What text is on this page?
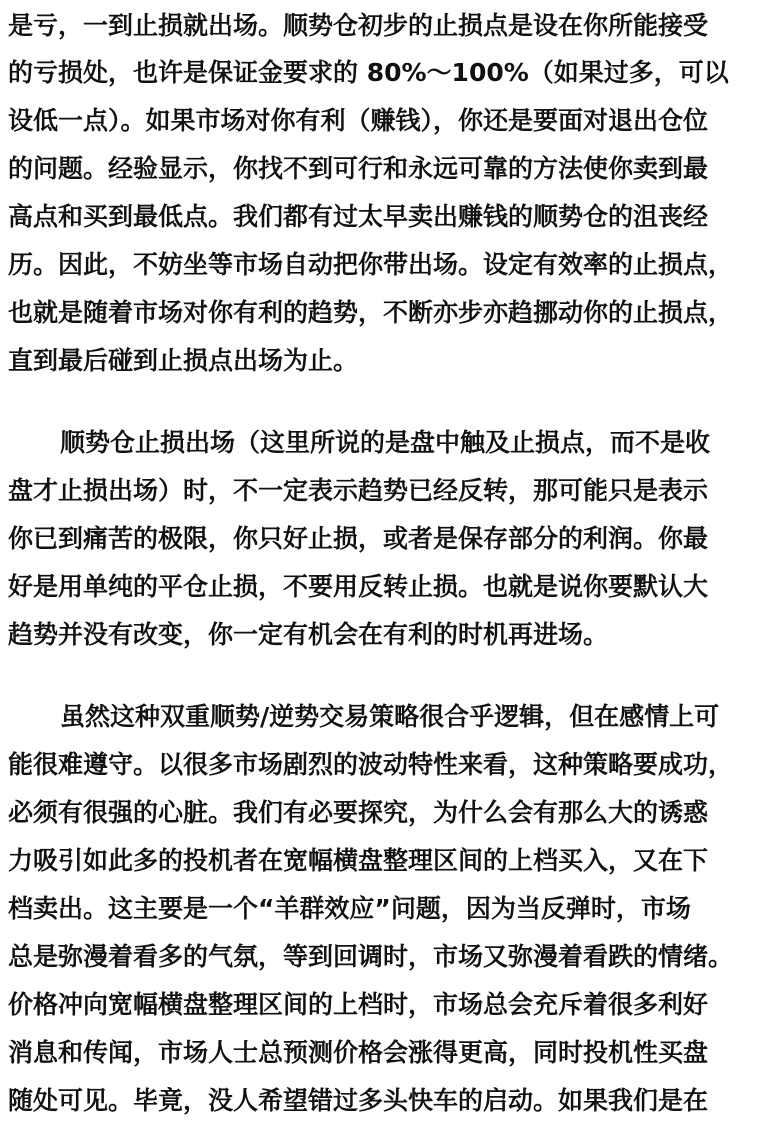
是亏，一到止损就出场。顺势仓初步的止损点是设在你所能接受
的亏损处，也许是保证金要求的 80%～100%（如果过多，可以
设低一点）。如果市场对你有利（赚钱），你还是要面对退出仓位
的问题。经验显示，你找不到可行和永远可靠的方法使你卖到最
高点和买到最低点。我们都有过太早卖出赚钱的顺势仓的沮丧经
历。因此，不妨坐等市场自动把你带出场。设定有效率的止损点，
也就是随着市场对你有利的趋势，不断亦步亦趋挪动你的止损点，
直到最后碰到止损点出场为止。
顺势仓止损出场（这里所说的是盘中触及止损点，而不是收
盘才止损出场）时，不一定表示趋势已经反转，那可能只是表示
你已到痛苦的极限，你只好止损，或者是保存部分的利润。你最
好是用单纯的平仓止损，不要用反转止损。也就是说你要默认大
趋势并没有改变，你一定有机会在有利的时机再进场。
虽然这种双重顺势/逆势交易策略很合乎逻辑，但在感情上可
能很难遵守。以很多市场剧烈的波动特性来看，这种策略要成功，
必须有很强的心脏。我们有必要探究，为什么会有那么大的诱惑
力吸引如此多的投机者在宽幅横盘整理区间的上档买入，又在下
档卖出。这主要是一个“羊群效应”问题，因为当反弹时，市场
总是弥漫着看多的气氛，等到回调时，市场又弥漫着看跌的情绪。
价格冲向宽幅横盘整理区间的上档时，市场总会充斥着很多利好
消息和传闻，市场人士总预测价格会涨得更高，同时投机性买盘
随处可见。毕竟，没人希望错过多头快车的启动。如果我们是在
